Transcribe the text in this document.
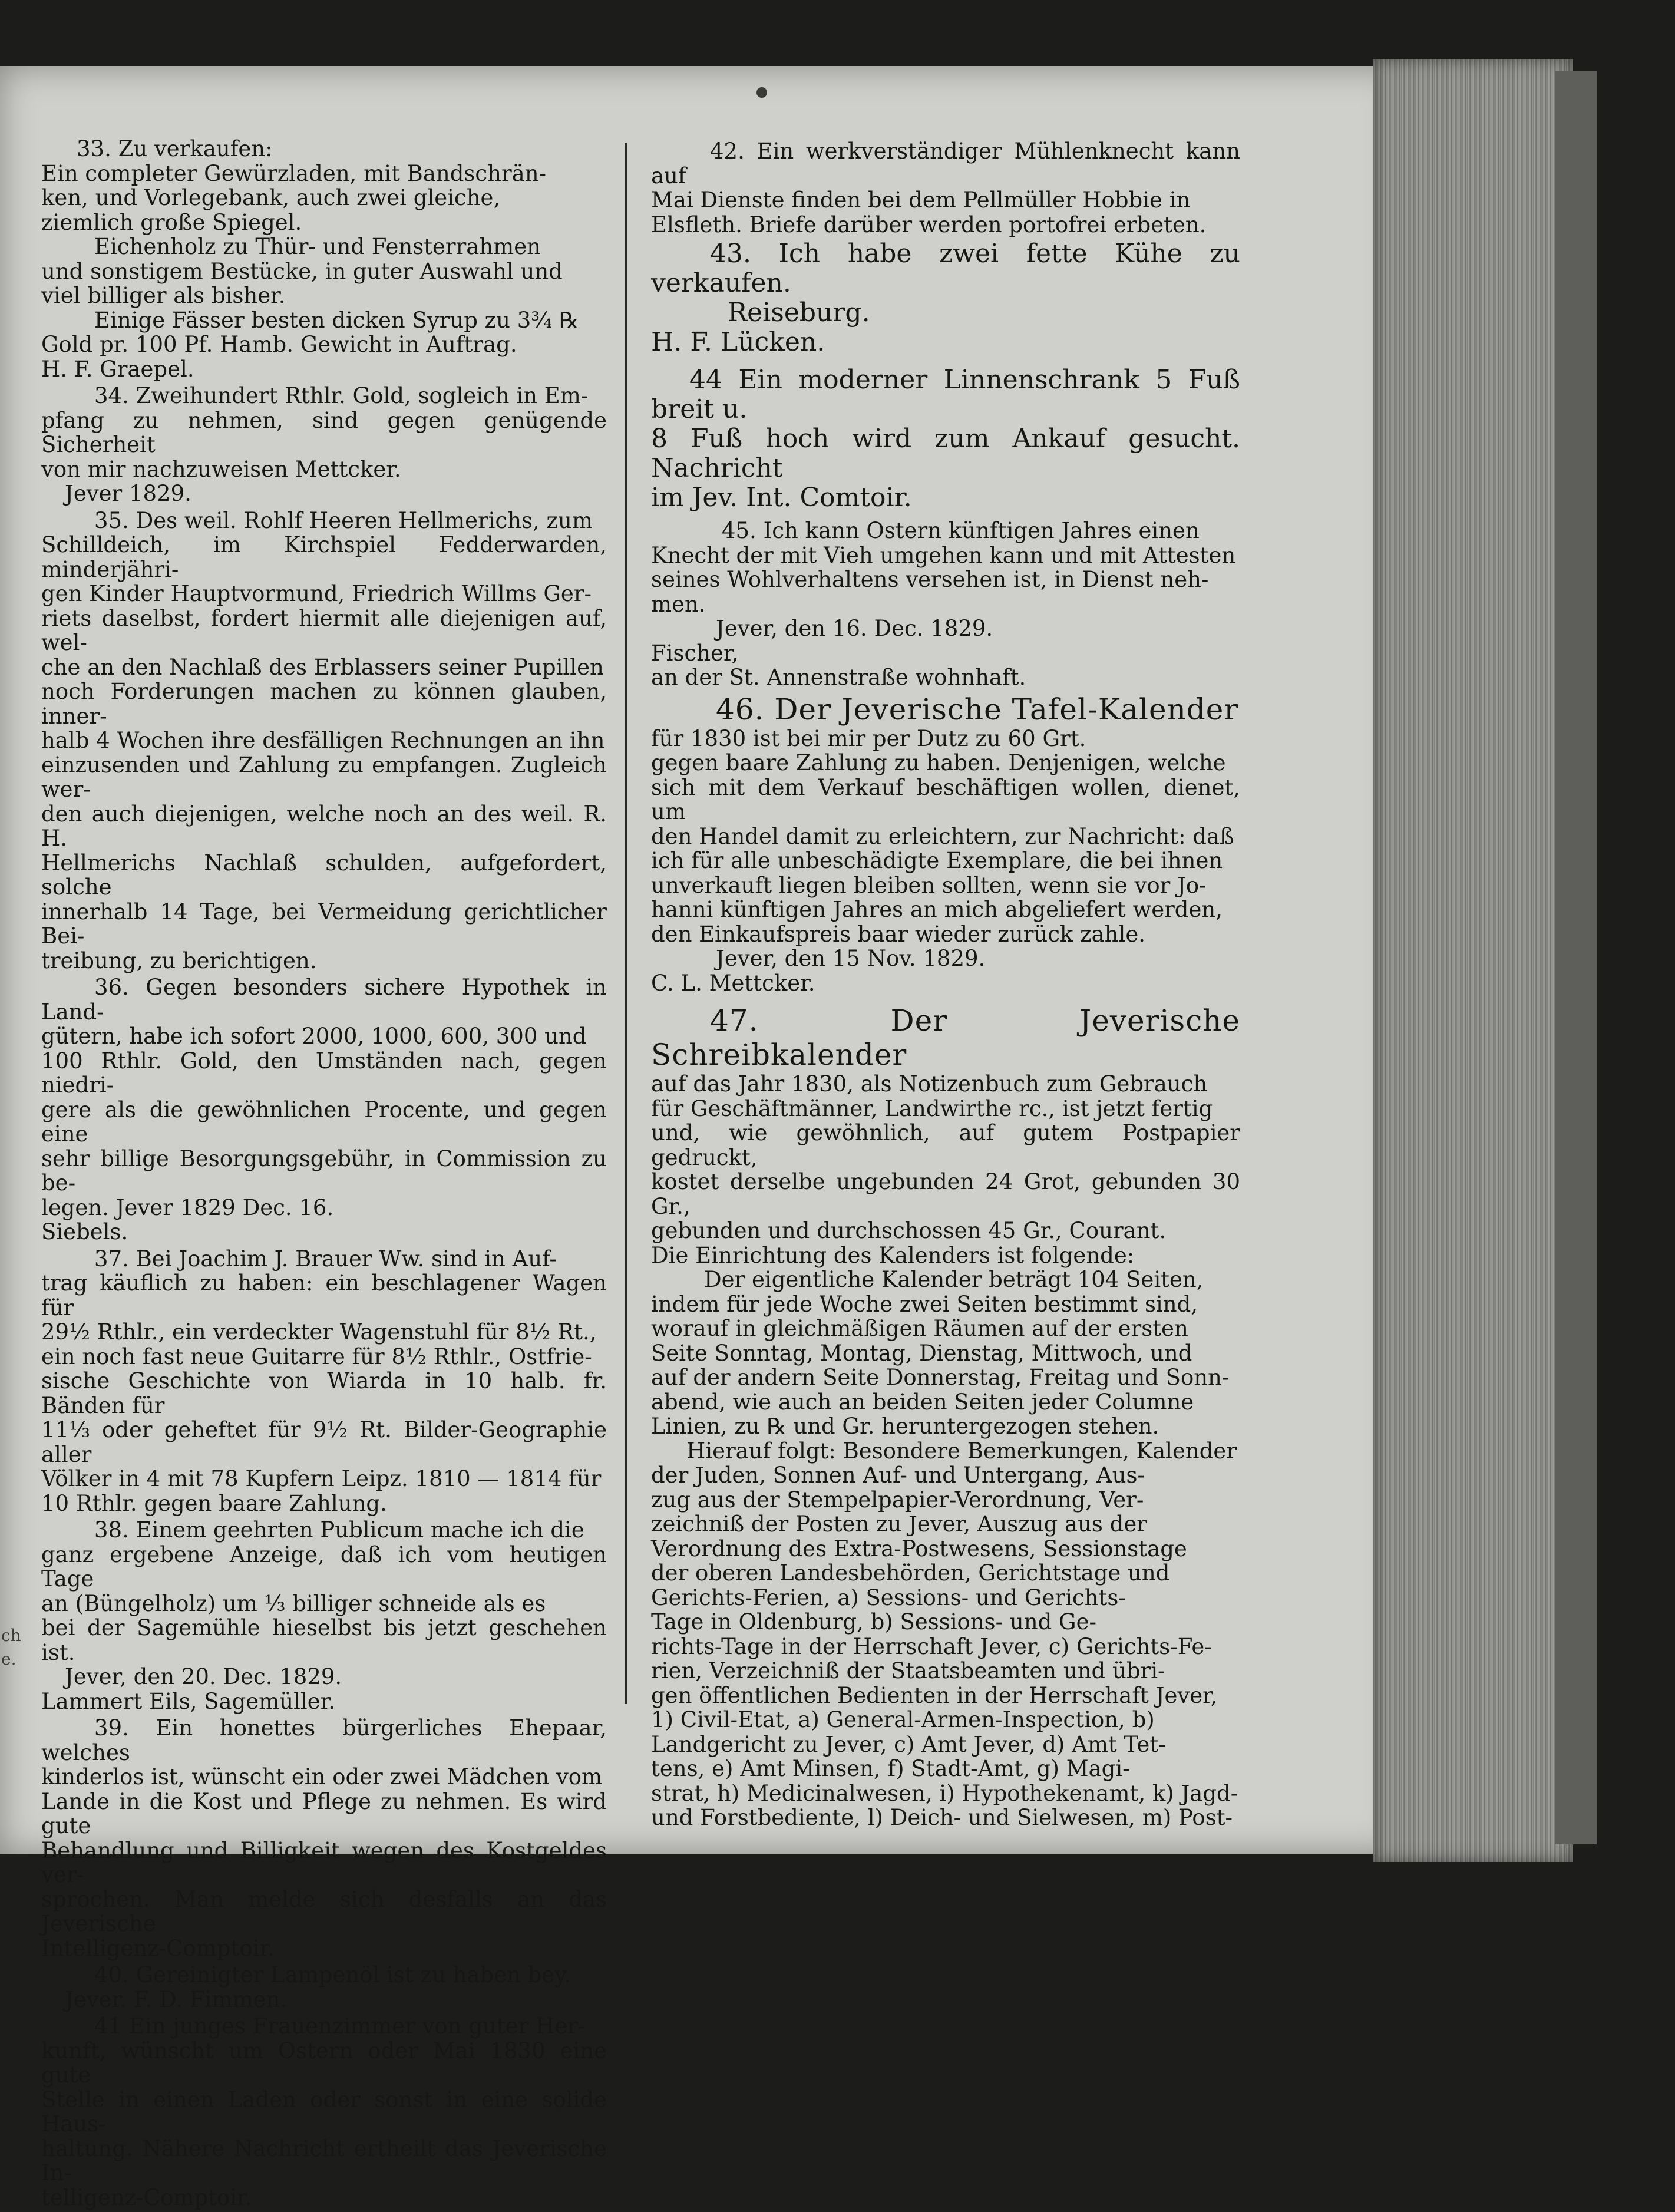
ch
e.

33. Zu verkaufen:

Ein completer Gewürzladen, mit Bandschrän-

ken, und Vorlegebank, auch zwei gleiche,

ziemlich große Spiegel.

Eichenholz zu Thür- und Fensterrahmen

und sonstigem Bestücke, in guter Auswahl und

viel billiger als bisher.

Einige Fässer besten dicken Syrup zu 3¾ ℞

Gold pr. 100 Pf. Hamb. Gewicht in Auftrag.

H. F. Graepel.

34. Zweihundert Rthlr. Gold, sogleich in Em-

pfang zu nehmen, sind gegen genügende Sicherheit

von mir nachzuweisen Mettcker.

Jever 1829.

35. Des weil. Rohlf Heeren Hellmerichs, zum

Schilldeich, im Kirchspiel Fedderwarden, minderjähri-

gen Kinder Hauptvormund, Friedrich Willms Ger-

riets daselbst, fordert hiermit alle diejenigen auf, wel-

che an den Nachlaß des Erblassers seiner Pupillen

noch Forderungen machen zu können glauben, inner-

halb 4 Wochen ihre desfälligen Rechnungen an ihn

einzusenden und Zahlung zu empfangen. Zugleich wer-

den auch diejenigen, welche noch an des weil. R. H.

Hellmerichs Nachlaß schulden, aufgefordert, solche

innerhalb 14 Tage, bei Vermeidung gerichtlicher Bei-

treibung, zu berichtigen.

36. Gegen besonders sichere Hypothek in Land-

gütern, habe ich sofort 2000, 1000, 600, 300 und

100 Rthlr. Gold, den Umständen nach, gegen niedri-

gere als die gewöhnlichen Procente, und gegen eine

sehr billige Besorgungsgebühr, in Commission zu be-

legen. Jever 1829 Dec. 16.

Siebels.

37. Bei Joachim J. Brauer Ww. sind in Auf-

trag käuflich zu haben: ein beschlagener Wagen für

29½ Rthlr., ein verdeckter Wagenstuhl für 8½ Rt.,

ein noch fast neue Guitarre für 8½ Rthlr., Ostfrie-

sische Geschichte von Wiarda in 10 halb. fr. Bänden für

11⅓ oder geheftet für 9½ Rt. Bilder-Geographie aller

Völker in 4 mit 78 Kupfern Leipz. 1810 — 1814 für

10 Rthlr. gegen baare Zahlung.

38. Einem geehrten Publicum mache ich die

ganz ergebene Anzeige, daß ich vom heutigen Tage

an (Büngelholz) um ⅓ billiger schneide als es

bei der Sagemühle hieselbst bis jetzt geschehen ist.

Jever, den 20. Dec. 1829.

Lammert Eils, Sagemüller.

39. Ein honettes bürgerliches Ehepaar, welches

kinderlos ist, wünscht ein oder zwei Mädchen vom

Lande in die Kost und Pflege zu nehmen. Es wird gute

Behandlung und Billigkeit wegen des Kostgeldes ver-

sprochen. Man melde sich desfalls an das Jeverische

Intelligenz-Comptoir.

40. Gereinigter Lampenöl ist zu haben bey.

Jever. F. D. Fimmen.

41 Ein junges Frauenzimmer von guter Her-

kunft, wünscht um Ostern oder Mai 1830 eine gute

Stelle in einen Laden oder sonst in eine solide Haus-

haltung. Nähere Nachricht ertheilt das Jeverische In-

telligenz-Comptoir.

42. Ein werkverständiger Mühlenknecht kann auf

Mai Dienste finden bei dem Pellmüller Hobbie in

Elsfleth. Briefe darüber werden portofrei erbeten.

43. Ich habe zwei fette Kühe zu verkaufen.

Reiseburg.

H. F. Lücken.

44 Ein moderner Linnenschrank 5 Fuß breit u.

8 Fuß hoch wird zum Ankauf gesucht. Nachricht

im Jev. Int. Comtoir.

45. Ich kann Ostern künftigen Jahres einen

Knecht der mit Vieh umgehen kann und mit Attesten

seines Wohlverhaltens versehen ist, in Dienst neh-

men.

Jever, den 16. Dec. 1829.

Fischer,

an der St. Annenstraße wohnhaft.

46. Der Jeverische Tafel-Kalender

für 1830 ist bei mir per Dutz zu 60 Grt.

gegen baare Zahlung zu haben. Denjenigen, welche

sich mit dem Verkauf beschäftigen wollen, dienet, um

den Handel damit zu erleichtern, zur Nachricht: daß

ich für alle unbeschädigte Exemplare, die bei ihnen

unverkauft liegen bleiben sollten, wenn sie vor Jo-

hanni künftigen Jahres an mich abgeliefert werden,

den Einkaufspreis baar wieder zurück zahle.

Jever, den 15 Nov. 1829.

C. L. Mettcker.

47. Der Jeverische Schreibkalender

auf das Jahr 1830, als Notizenbuch zum Gebrauch

für Geschäftmänner, Landwirthe rc., ist jetzt fertig

und, wie gewöhnlich, auf gutem Postpapier gedruckt,

kostet derselbe ungebunden 24 Grot, gebunden 30 Gr.,

gebunden und durchschossen 45 Gr., Courant.

Die Einrichtung des Kalenders ist folgende:

Der eigentliche Kalender beträgt 104 Seiten,

indem für jede Woche zwei Seiten bestimmt sind,

worauf in gleichmäßigen Räumen auf der ersten

Seite Sonntag, Montag, Dienstag, Mittwoch, und

auf der andern Seite Donnerstag, Freitag und Sonn-

abend, wie auch an beiden Seiten jeder Columne

Linien, zu ℞ und Gr. heruntergezogen stehen.

Hierauf folgt: Besondere Bemerkungen, Kalender

der Juden, Sonnen Auf- und Untergang, Aus-

zug aus der Stempelpapier-Verordnung, Ver-

zeichniß der Posten zu Jever, Auszug aus der

Verordnung des Extra-Postwesens, Sessionstage

der oberen Landesbehörden, Gerichtstage und

Gerichts-Ferien, a) Sessions- und Gerichts-

Tage in Oldenburg, b) Sessions- und Ge-

richts-Tage in der Herrschaft Jever, c) Gerichts-Fe-

rien, Verzeichniß der Staatsbeamten und übri-

gen öffentlichen Bedienten in der Herrschaft Jever,

1) Civil-Etat, a) General-Armen-Inspection, b)

Landgericht zu Jever, c) Amt Jever, d) Amt Tet-

tens, e) Amt Minsen, f) Stadt-Amt, g) Magi-

strat, h) Medicinalwesen, i) Hypothekenamt, k) Jagd-

und Forstbediente, l) Deich- und Sielwesen, m) Post-
